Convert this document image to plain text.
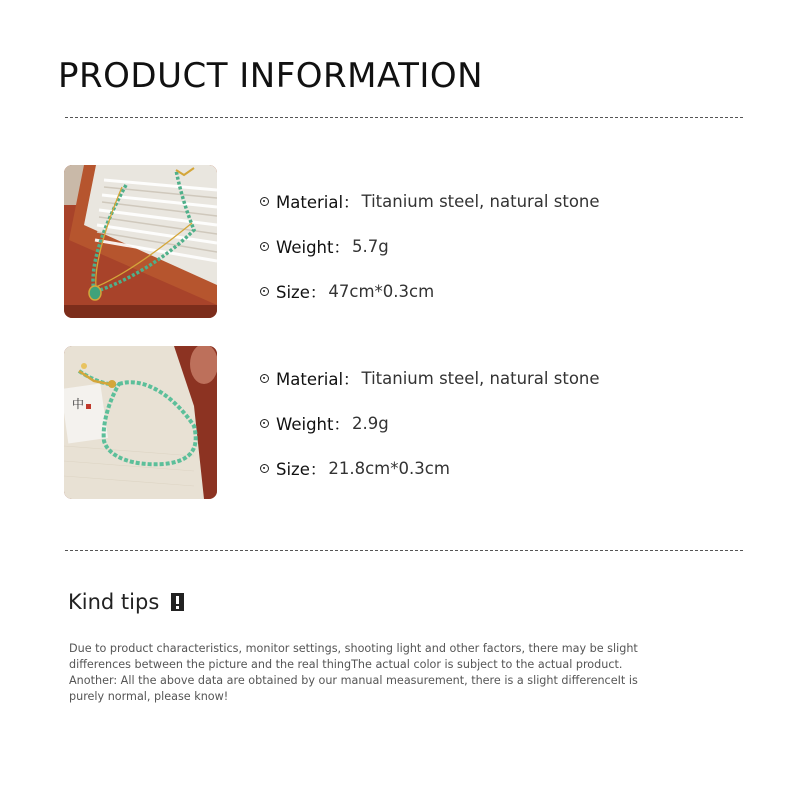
PRODUCT INFORMATION
Material： Titanium steel, natural stone
Weight： 5.7g
Size： 47cm*0.3cm
中
Material： Titanium steel, natural stone
Weight： 2.9g
Size： 21.8cm*0.3cm
Kind tips

Due to product characteristics, monitor settings, shooting light and other factors, there may be slight

differences between the picture and the real thingThe actual color is subject to the actual product.

Another: All the above data are obtained by our manual measurement, there is a slight differenceIt is

purely normal, please know!
